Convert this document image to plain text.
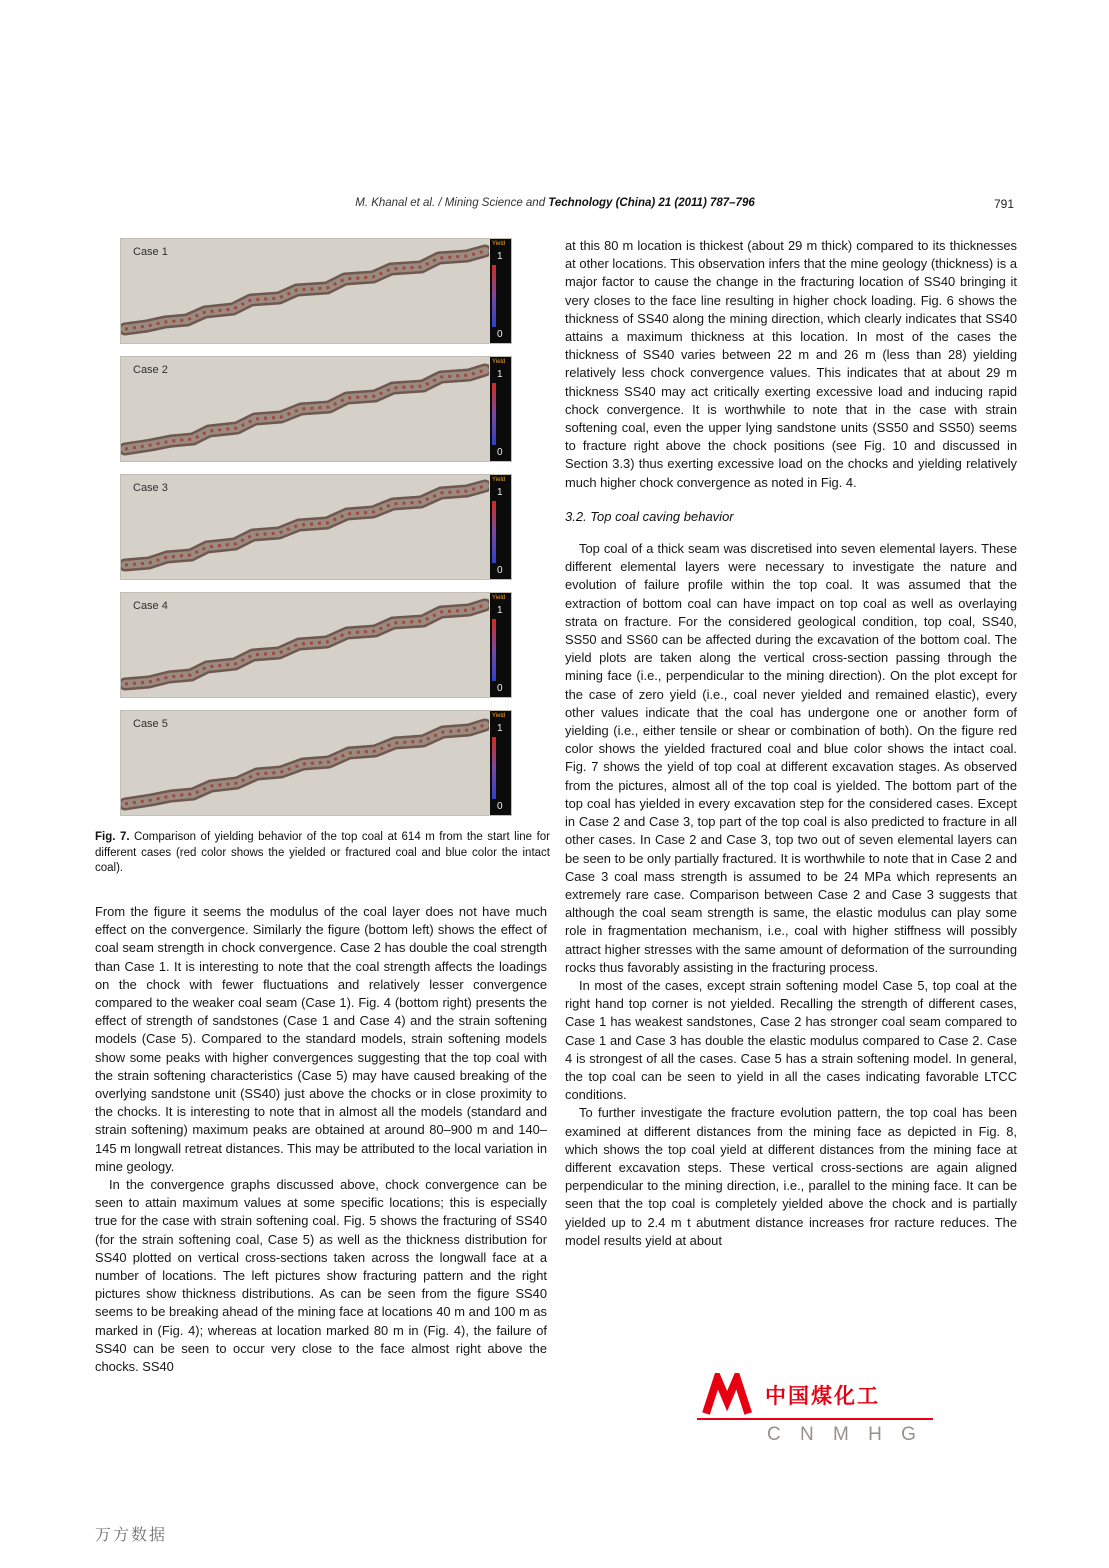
M. Khanal et al. / Mining Science and Technology (China) 21 (2011) 787–796	791
Case 1
Yield
1
0
Case 2
Yield
1
0
Case 3
Yield
1
0
Case 4
Yield
1
0
Case 5
Yield
1
0
Fig. 7. Comparison of yielding behavior of the top coal at 614 m from the start line for different cases (red color shows the yielded or fractured coal and blue color the intact coal).

From the figure it seems the modulus of the coal layer does not have much effect on the convergence. Similarly the figure (bottom left) shows the effect of coal seam strength in chock convergence. Case 2 has double the coal strength than Case 1. It is interesting to note that the coal strength affects the loadings on the chock with fewer fluctuations and relatively lesser convergence compared to the weaker coal seam (Case 1). Fig. 4 (bottom right) presents the effect of strength of sandstones (Case 1 and Case 4) and the strain softening models (Case 5). Compared to the standard models, strain softening models show some peaks with higher convergences suggesting that the top coal with the strain softening characteristics (Case 5) may have caused breaking of the overlying sandstone unit (SS40) just above the chocks or in close proximity to the chocks. It is interesting to note that in almost all the models (standard and strain softening) maximum peaks are obtained at around 80–900 m and 140–145 m longwall retreat distances. This may be attributed to the local variation in mine geology.

In the convergence graphs discussed above, chock convergence can be seen to attain maximum values at some specific locations; this is especially true for the case with strain softening coal. Fig. 5 shows the fracturing of SS40 (for the strain softening coal, Case 5) as well as the thickness distribution for SS40 plotted on vertical cross-sections taken across the longwall face at a number of locations. The left pictures show fracturing pattern and the right pictures show thickness distributions. As can be seen from the figure SS40 seems to be breaking ahead of the mining face at locations 40 m and 100 m as marked in (Fig. 4); whereas at location marked 80 m in (Fig. 4), the failure of SS40 can be seen to occur very close to the face almost right above the chocks. SS40

at this 80 m location is thickest (about 29 m thick) compared to its thicknesses at other locations. This observation infers that the mine geology (thickness) is a major factor to cause the change in the fracturing location of SS40 bringing it very closes to the face line resulting in higher chock loading. Fig. 6 shows the thickness of SS40 along the mining direction, which clearly indicates that SS40 attains a maximum thickness at this location. In most of the cases the thickness of SS40 varies between 22 m and 26 m (less than 28) yielding relatively less chock convergence values. This indicates that at about 29 m thickness SS40 may act critically exerting excessive load and inducing rapid chock convergence. It is worthwhile to note that in the case with strain softening coal, even the upper lying sandstone units (SS50 and SS50) seems to fracture right above the chock positions (see Fig. 10 and discussed in Section 3.3) thus exerting excessive load on the chocks and yielding relatively much higher chock convergence as noted in Fig. 4.

3.2. Top coal caving behavior

Top coal of a thick seam was discretised into seven elemental layers. These different elemental layers were necessary to investigate the nature and evolution of failure profile within the top coal. It was assumed that the extraction of bottom coal can have impact on top coal as well as overlaying strata on fracture. For the considered geological condition, top coal, SS40, SS50 and SS60 can be affected during the excavation of the bottom coal. The yield plots are taken along the vertical cross-section passing through the mining face (i.e., perpendicular to the mining direction). On the plot except for the case of zero yield (i.e., coal never yielded and remained elastic), every other values indicate that the coal has undergone one or another form of yielding (i.e., either tensile or shear or combination of both). On the figure red color shows the yielded fractured coal and blue color shows the intact coal. Fig. 7 shows the yield of top coal at different excavation stages. As observed from the pictures, almost all of the top coal is yielded. The bottom part of the top coal has yielded in every excavation step for the considered cases. Except in Case 2 and Case 3, top part of the top coal is also predicted to fracture in all other cases. In Case 2 and Case 3, top two out of seven elemental layers can be seen to be only partially fractured. It is worthwhile to note that in Case 2 and Case 3 coal mass strength is assumed to be 24 MPa which represents an extremely rare case. Comparison between Case 2 and Case 3 suggests that although the coal seam strength is same, the elastic modulus can play some role in fragmentation mechanism, i.e., coal with higher stiffness will possibly attract higher stresses with the same amount of deformation of the surrounding rocks thus favorably assisting in the fracturing process.

In most of the cases, except strain softening model Case 5, top coal at the right hand top corner is not yielded. Recalling the strength of different cases, Case 1 has weakest sandstones, Case 2 has stronger coal seam compared to Case 1 and Case 3 has double the elastic modulus compared to Case 2. Case 4 is strongest of all the cases. Case 5 has a strain softening model. In general, the top coal can be seen to yield in all the cases indicating favorable LTCC conditions.

To further investigate the fracture evolution pattern, the top coal has been examined at different distances from the mining face as depicted in Fig. 8, which shows the top coal yield at different distances from the mining face at different excavation steps. These vertical cross-sections are again aligned perpendicular to the mining direction, i.e., parallel to the mining face. It can be seen that the top coal is completely yielded above the chock and is partially yielded up to 2.4 m t abutment distance increases fror racture reduces. The model results yield at about

中国煤化工
C N M H G
万方数据
